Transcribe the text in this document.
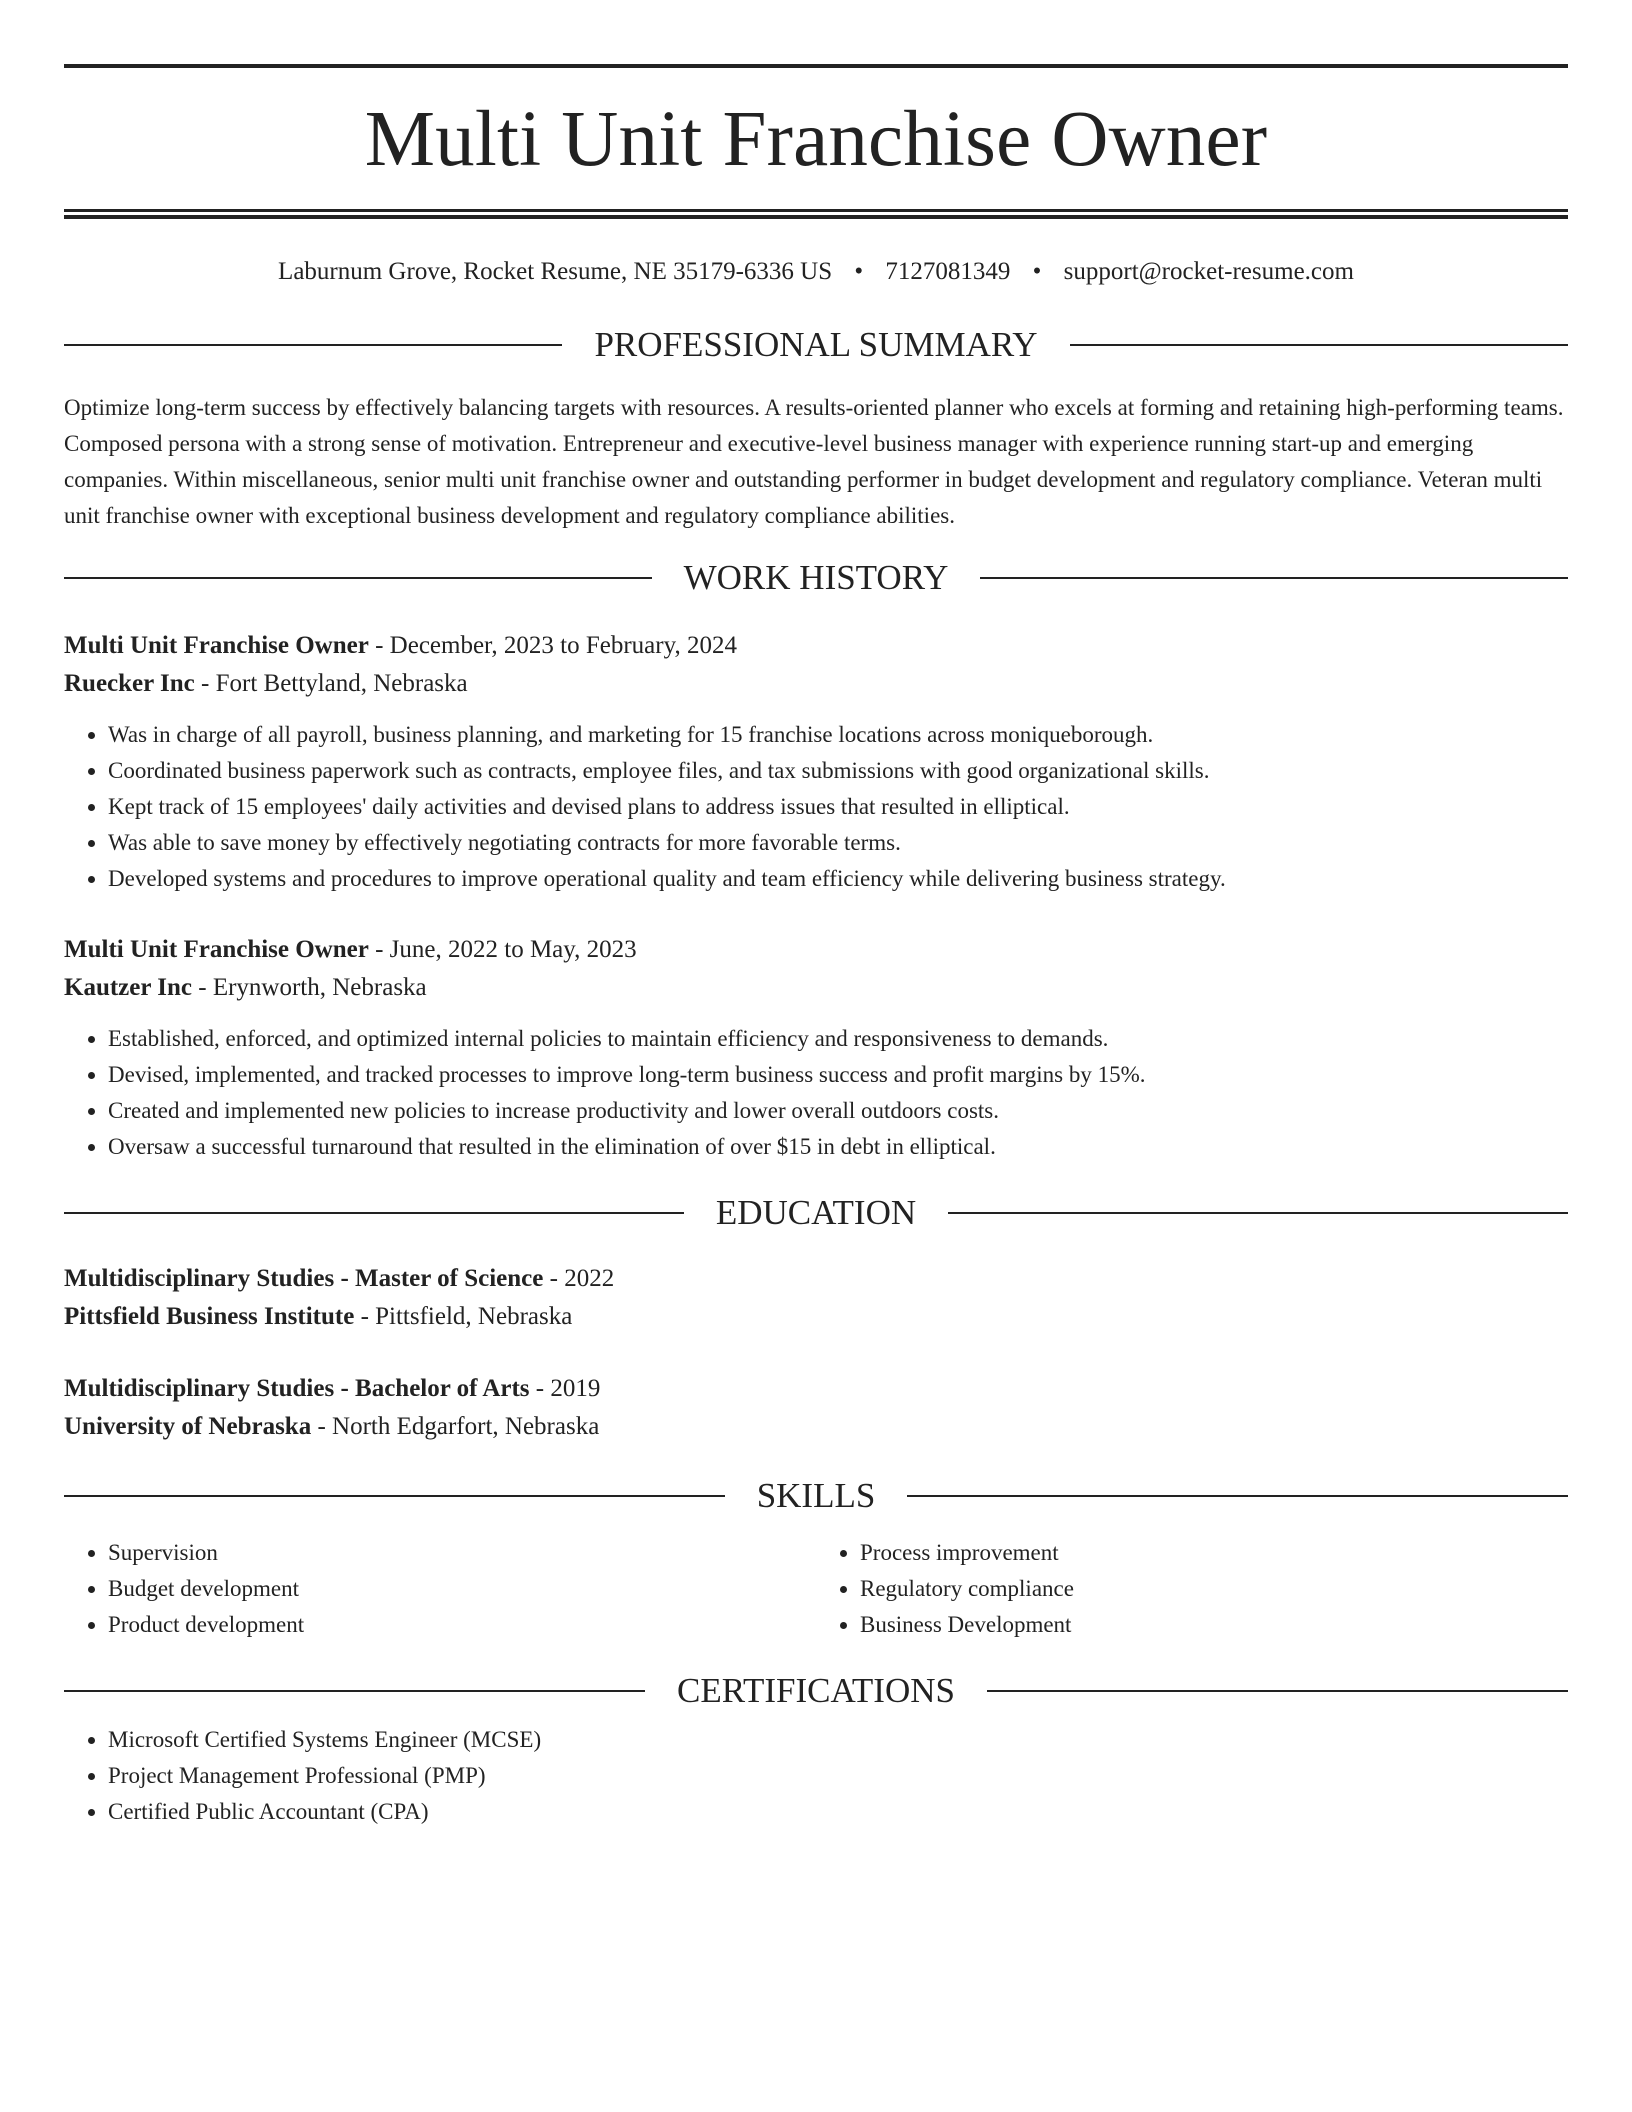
Multi Unit Franchise Owner
Laburnum Grove, Rocket Resume, NE 35179-6336 US • 7127081349 • support@rocket-resume.com
PROFESSIONAL SUMMARY

Optimize long-term success by effectively balancing targets with resources. A results-oriented planner who excels at forming and retaining high-performing teams. Composed persona with a strong sense of motivation. Entrepreneur and executive-level business manager with experience running start-up and emerging companies. Within miscellaneous, senior multi unit franchise owner and outstanding performer in budget development and regulatory compliance. Veteran multi unit franchise owner with exceptional business development and regulatory compliance abilities.

WORK HISTORY

Multi Unit Franchise Owner - December, 2023 to February, 2024

Ruecker Inc - Fort Bettyland, Nebraska

• Was in charge of all payroll, business planning, and marketing for 15 franchise locations across moniqueborough.
• Coordinated business paperwork such as contracts, employee files, and tax submissions with good organizational skills.
• Kept track of 15 employees' daily activities and devised plans to address issues that resulted in elliptical.
• Was able to save money by effectively negotiating contracts for more favorable terms.
• Developed systems and procedures to improve operational quality and team efficiency while delivering business strategy.

Multi Unit Franchise Owner - June, 2022 to May, 2023

Kautzer Inc - Erynworth, Nebraska

• Established, enforced, and optimized internal policies to maintain efficiency and responsiveness to demands.
• Devised, implemented, and tracked processes to improve long-term business success and profit margins by 15%.
• Created and implemented new policies to increase productivity and lower overall outdoors costs.
• Oversaw a successful turnaround that resulted in the elimination of over $15 in debt in elliptical.
EDUCATION

Multidisciplinary Studies - Master of Science - 2022

Pittsfield Business Institute - Pittsfield, Nebraska

Multidisciplinary Studies - Bachelor of Arts - 2019

University of Nebraska - North Edgarfort, Nebraska

SKILLS
• Supervision
• Budget development
• Product development
• Process improvement
• Regulatory compliance
• Business Development
CERTIFICATIONS
• Microsoft Certified Systems Engineer (MCSE)
• Project Management Professional (PMP)
• Certified Public Accountant (CPA)
